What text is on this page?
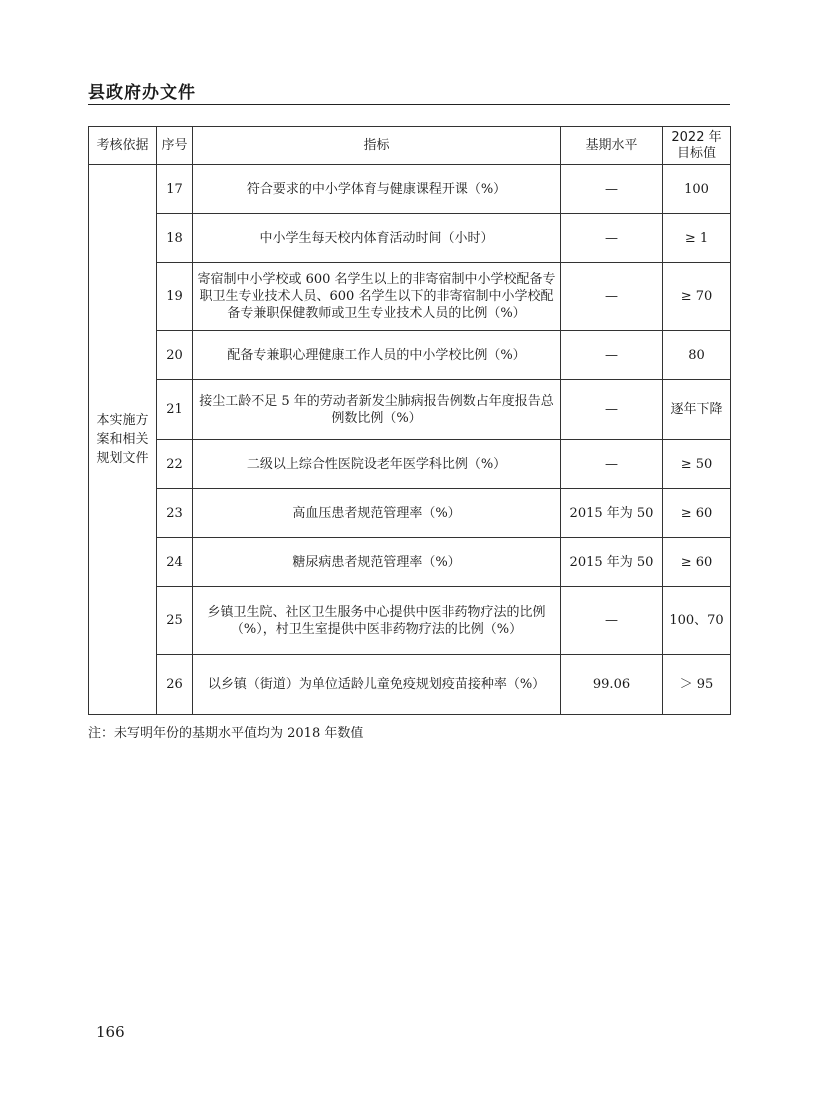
县政府办文件
考核依据	序号	指标	基期水平	2022 年目标值
本实施方案和相关规划文件	17	符合要求的中小学体育与健康课程开课（%）	—	100
	18	中小学生每天校内体育活动时间（小时）	—	≥ 1
	19	寄宿制中小学校或 600 名学生以上的非寄宿制中小学校配备专职卫生专业技术人员、600 名学生以下的非寄宿制中小学校配备专兼职保健教师或卫生专业技术人员的比例（%）	—	≥ 70
	20	配备专兼职心理健康工作人员的中小学校比例（%）	—	80
	21	接尘工龄不足 5 年的劳动者新发尘肺病报告例数占年度报告总例数比例（%）	—	逐年下降
	22	二级以上综合性医院设老年医学科比例（%）	—	≥ 50
	23	高血压患者规范管理率（%）	2015 年为 50	≥ 60
	24	糖尿病患者规范管理率（%）	2015 年为 50	≥ 60
	25	乡镇卫生院、社区卫生服务中心提供中医非药物疗法的比例（%），村卫生室提供中医非药物疗法的比例（%）	—	100、70
	26	以乡镇（街道）为单位适龄儿童免疫规划疫苗接种率（%）	99.06	＞ 95
注：未写明年份的基期水平值均为 2018 年数值
166
